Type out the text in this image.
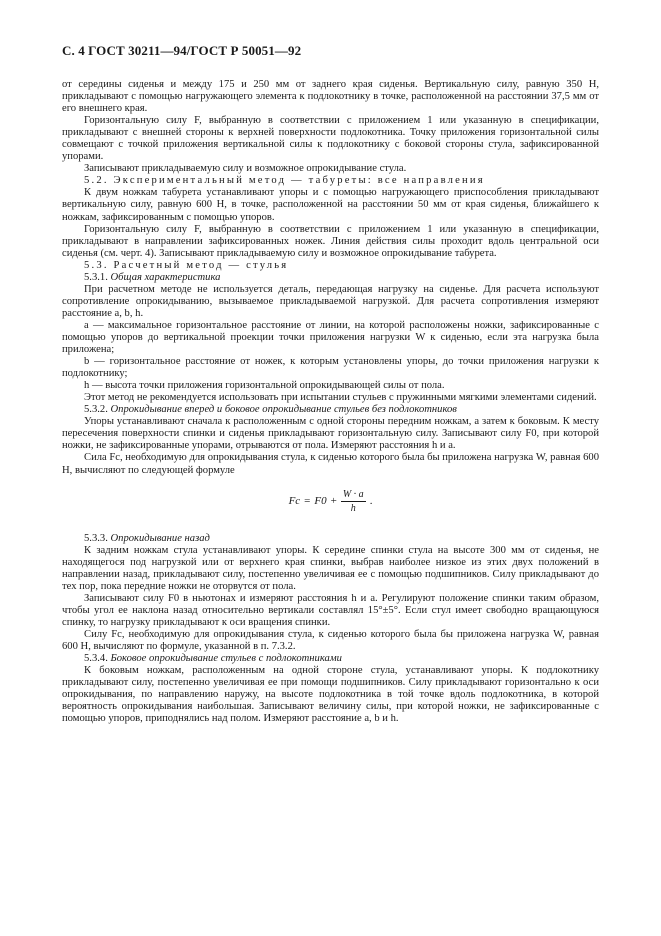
С. 4 ГОСТ 30211—94/ГОСТ Р 50051—92

от середины сиденья и между 175 и 250 мм от заднего края сиденья. Вертикальную силу, равную 350 Н, прикладывают с помощью нагружающего элемента к подлокотнику в точке, расположенной на расстоянии 37,5 мм от его внешнего края.

Горизонтальную силу F, выбранную в соответствии с приложением 1 или указанную в спецификации, прикладывают с внешней стороны к верхней поверхности подлокотника. Точку приложения горизонтальной силы совмещают с точкой приложения вертикальной силы к подлокотнику с боковой стороны стула, зафиксированной упорами.

Записывают прикладываемую силу и возможное опрокидывание стула.

5.2. Экспериментальный метод — табуреты: все направления

К двум ножкам табурета устанавливают упоры и с помощью нагружающего приспособления прикладывают вертикальную силу, равную 600 Н, в точке, расположенной на расстоянии 50 мм от края сиденья, ближайшего к ножкам, зафиксированным с помощью упоров.

Горизонтальную силу F, выбранную в соответствии с приложением 1 или указанную в спецификации, прикладывают в направлении зафиксированных ножек. Линия действия силы проходит вдоль центральной оси сиденья (см. черт. 4). Записывают прикладываемую силу и возможное опрокидывание табурета.

5.3. Расчетный метод — стулья

5.3.1. Общая характеристика

При расчетном методе не используется деталь, передающая нагрузку на сиденье. Для расчета используют сопротивление опрокидыванию, вызываемое прикладываемой нагрузкой. Для расчета сопротивления измеряют расстояние a, b, h.

a — максимальное горизонтальное расстояние от линии, на которой расположены ножки, зафиксированные с помощью упоров до вертикальной проекции точки приложения нагрузки W к сиденью, если эта нагрузка была приложена;

b — горизонтальное расстояние от ножек, к которым установлены упоры, до точки приложения нагрузки к подлокотнику;

h — высота точки приложения горизонтальной опрокидывающей силы от пола.

Этот метод не рекомендуется использовать при испытании стульев с пружинными мягкими элементами сидений.

5.3.2. Опрокидывание вперед и боковое опрокидывание стульев без подлокотников

Упоры устанавливают сначала к расположенным с одной стороны передним ножкам, а затем к боковым. К месту пересечения поверхности спинки и сиденья прикладывают горизонтальную силу. Записывают силу F0, при которой ножки, не зафиксированные упорами, отрываются от пола. Измеряют расстояния h и a.

Сила Fc, необходимую для опрокидывания стула, к сиденью которого была бы приложена нагрузка W, равная 600 Н, вычисляют по следующей формуле

$Fc = F0 + \frac{W \cdot a}{h}$ .

5.3.3. Опрокидывание назад

К задним ножкам стула устанавливают упоры. К середине спинки стула на высоте 300 мм от сиденья, не находящегося под нагрузкой или от верхнего края спинки, выбрав наиболее низкое из этих двух положений в направлении назад, прикладывают силу, постепенно увеличивая ее с помощью подшипников. Силу прикладывают до тех пор, пока передние ножки не оторвутся от пола.

Записывают силу F0 в ньютонах и измеряют расстояния h и a. Регулируют положение спинки таким образом, чтобы угол ее наклона назад относительно вертикали составлял 15°±5°. Если стул имеет свободно вращающуюся спинку, то нагрузку прикладывают к оси вращения спинки.

Силу Fc, необходимую для опрокидывания стула, к сиденью которого была бы приложена нагрузка W, равная 600 Н, вычисляют по формуле, указанной в п. 7.3.2.

5.3.4. Боковое опрокидывание стульев с подлокотниками

К боковым ножкам, расположенным на одной стороне стула, устанавливают упоры. К подлокотнику прикладывают силу, постепенно увеличивая ее при помощи подшипников. Силу прикладывают горизонтально к оси опрокидывания, по направлению наружу, на высоте подлокотника в той точке вдоль подлокотника, в которой вероятность опрокидывания наибольшая. Записывают величину силы, при которой ножки, не зафиксированные с помощью упоров, приподнялись над полом. Измеряют расстояние a, b и h.
